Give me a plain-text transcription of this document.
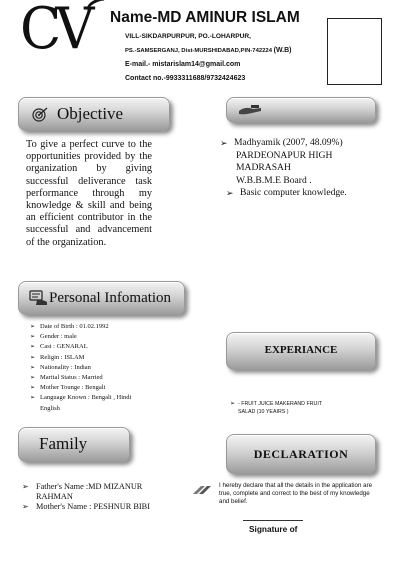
CV	Name-MD AMINUR ISLAM
VILL-SIKDARPURPUR, PO.-LOHARPUR,
PS.-SAMSERGANJ, Dist-MURSHIDABAD,PIN-742224 (W.B)
E-mail.- mistarislam14@gmail.com
Contact no.-9933311688/9732424623
Objective
To give a perfect curve to the opportunities provided by the organization by giving successful deliverance task performance through my knowledge & skill and being an efficient contributor in the successful and advancement of the organization.
➢ Madhyamik (2007, 48.09%)
PARDEONAPUR HIGH
MADRASAH
W.B.B.M.E Board .
➢ Basic computer knowledge.
Personal Infomation
➢ Date of Birth : 01.02.1992
➢ Gender : male
➢ Cast : GENARAL
➢ Religin : ISLAM
➢ Nationality : Indian
➢ Marital Status : Married
➢ Mother Tounge : Bengali
➢ Language Known : Bengali , Hindi
English
EXPERIANCE
➢ - FRUIT JUICE MAKERAND FRUIT
SALAD (10 YEAIRS )
Family
➢ Father's Name :MD MIZANUR
RAHMAN
➢ Mother's Name : PESHNUR BIBI
DECLARATION
I hereby declare that all the details in the application are true, complete and correct to the best of my knowledge and belief.
Signature of
